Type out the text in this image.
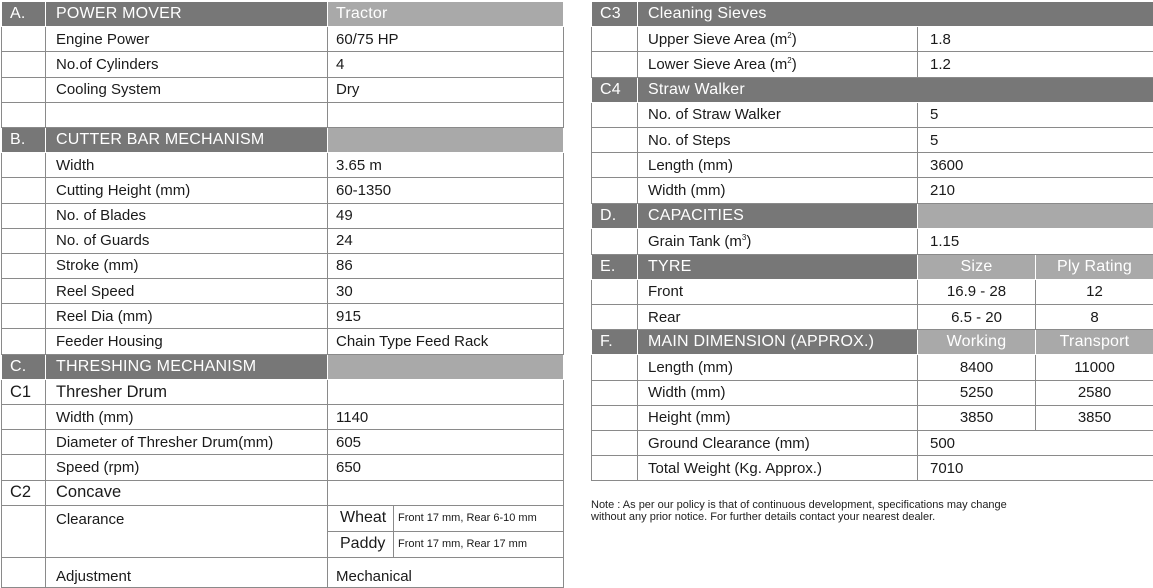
A.	POWER MOVER	Tractor	
	Engine Power	60/75 HP	
	No.of Cylinders	4	
	Cooling System	Dry	

B.	CUTTER BAR MECHANISM		
	Width	3.65 m	
	Cutting Height (mm)	60-1350	
	No. of Blades	49	
	No. of Guards	24	
	Stroke (mm)	86	
	Reel Speed	30	
	Reel Dia (mm)	915	
	Feeder Housing	Chain Type Feed Rack	
C.	THRESHING MECHANISM		
C1	Thresher Drum		
	Width (mm)	1140	
	Diameter of Thresher Drum(mm)	605	
	Speed (rpm)	650	
C2	Concave		
	Clearance	Wheat	Front 17 mm, Rear 6-10 mm
		Paddy	Front 17 mm, Rear 17 mm
	Adjustment	Mechanical	
C3	Cleaning Sieves		
	Upper Sieve Area $(m^2)$	1.8	
	Lower Sieve Area $(m^2)$	1.2	
C4	Straw Walker		
	No. of Straw Walker	5	
	No. of Steps	5	
	Length (mm)	3600	
	Width (mm)	210	
D.	CAPACITIES		
	Grain Tank $(m^3)$	1.15	
E.	TYRE	Size	Ply Rating
	Front	16.9 - 28	12
	Rear	6.5 - 20	8
F.	MAIN DIMENSION (APPROX.)	Working	Transport
	Length (mm)	8400	11000
	Width (mm)	5250	2580
	Height (mm)	3850	3850
	Ground Clearance (mm)	500	
	Total Weight (Kg. Approx.)	7010	
Note : As per our policy is that of continuous development, specifications may change
without any prior notice. For further details contact your nearest dealer.
